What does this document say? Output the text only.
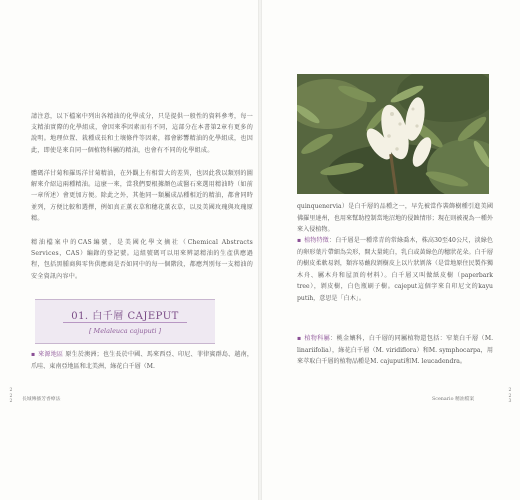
請注意，以下檔案中列出各精油的化學成分，只是提供一般性的資料參考，每一支精油實際的化學組成，會因來季因素而有不同，這部分在本書第2章有更多的說明。地理位置、栽種成長和土壤條件等因素，都會影響精油的化學組成，也因此，即使是來自同一個植物科屬的精油，也會有不同的化學組成。
體碼洋甘菊和羅馬洋甘菊精油，在外觀上有相當大的差異，也因此我以類別的圖解來介紹這兩種精油。這麼一來，當我們要根據顏色或醫石來選用精油時（如前一章所述）會更加方便。除此之外，其他同一類屬成品種相近的精油，都會同時並列，方便比較和選擇，例如真正薰衣草和穗花薰衣草，以及美國玫瑰與玫瑰原精。
精油檔案中的CAS編號，是美國化學文摘社（Chemical Abstracts Services，CAS）編錄的登記號。這組號碼可以用來辨認精油的生產供應過程，包括黑腫商與零售供應商是否如同中的每一個階段，都應判別每一支精油的安全資訊內容中。
01. 白千層 CAJEPUT
[ Melaleuca cajuputi ]
▪ 來源地區 原生於澳洲；也生長於中國、馬來西亞、印尼、菲律賓群島、越南，爪哇、東南亞地區和北美洲，綠花白千層（M.
長城傳播芳香療法
2
2
2
quinquenervia）是白千層的品種之一，早先被當作裝飾樹種引進美國佛羅里達州，也用來幫助控制當地沼地的侵蝕情形；現在則被視為一種外來入侵植物。
▪ 植物特徵：白千層是一種常青的常綠喬木，株高30至40公尺，淡綠色的卵形葉片帶細為尖形，開大量純白，乳白或黃綠色的穗狀花朵。白千層的樹皮柔軟易剝，類容易蘸段剝樹皮上以片狀剝落（是當地原住民製作獨木舟、屬木舟和屋頂的材料）。白千層又叫做紙皮樹（paperbark tree），剝皮樹，白色瓶刷子樹。cajeput這個字來自印尼文的kayu putih，意思是「白木」。
▪ 植物科屬：桃金孃科，白千層的同屬植物還包括：窄葉白千層（M. linariifolia），綠花白千層（M. viridiflora）和M. symphocarpa，用來萃取白千層的植物品種是M. cajuputi和M. leucadendra。
Scenario 精油檔案
2
2
3
